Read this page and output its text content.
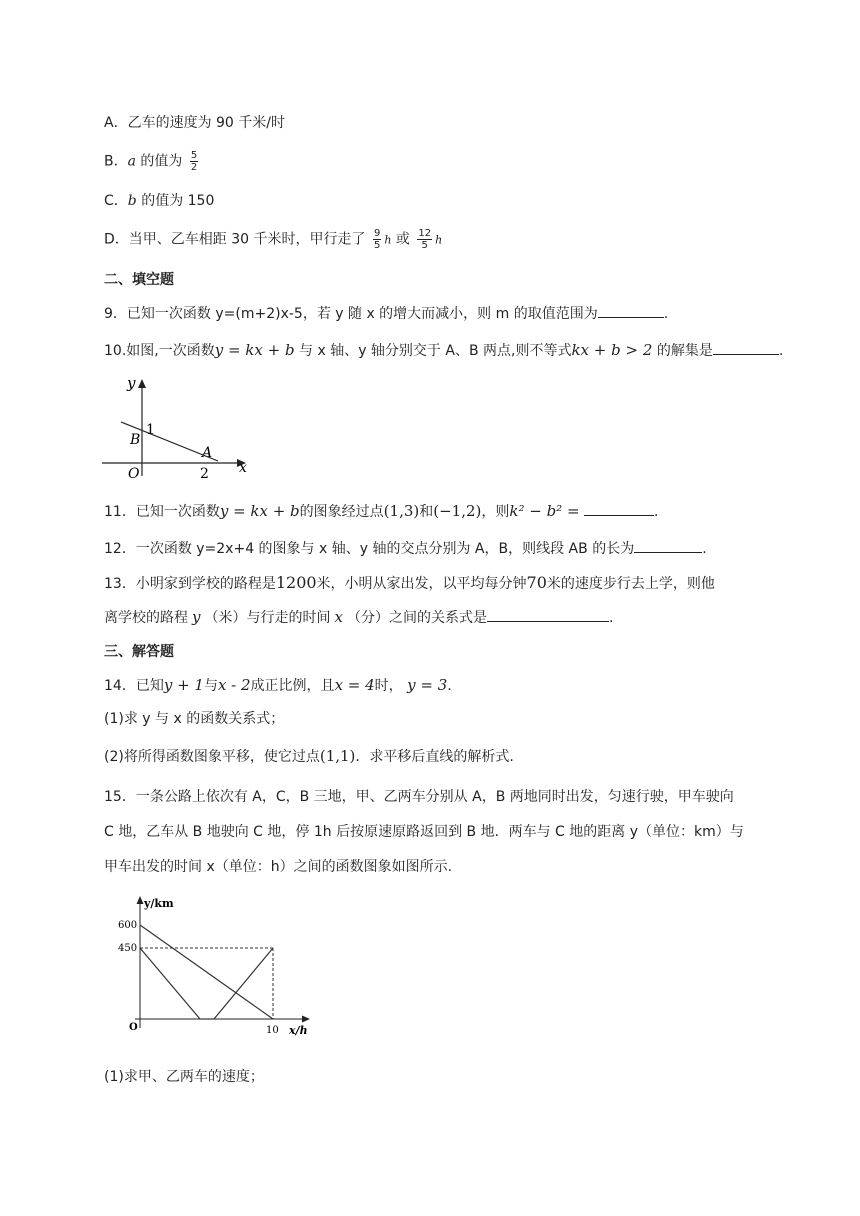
A．乙车的速度为 90 千米/时
B．a 的值为 $\frac{5}{2}$
C．b 的值为 150
D．当甲、乙车相距 30 千米时，甲行走了 $\frac{9}{5}$ h 或 $\frac{12}{5}$ h
二、填空题
9．已知一次函数 y=(m+2)x-5，若 y 随 x 的增大而减小，则 m 的取值范围为	.
10.如图,一次函数y = kx + b 与 x 轴、y 轴分别交于 A、B 两点,则不等式kx + b > 2 的解集是	.
y
x
1
B
O
A
2
11．已知一次函数y = kx + b的图象经过点(1,3)和(−1,2)，则k² − b² =	.
12．一次函数 y=2x+4 的图象与 x 轴、y 轴的交点分别为 A，B，则线段 AB 的长为	.
13．小明家到学校的路程是1200米，小明从家出发，以平均每分钟70米的速度步行去上学，则他
离学校的路程 y （米）与行走的时间 x （分）之间的关系式是	.
三、解答题
14．已知y + 1与x - 2成正比例，且x = 4时， y = 3.
(1)求 y 与 x 的函数关系式；
(2)将所得函数图象平移，使它过点(1,1)．求平移后直线的解析式.
15．一条公路上依次有 A，C，B 三地，甲、乙两车分别从 A，B 两地同时出发，匀速行驶，甲车驶向
C 地，乙车从 B 地驶向 C 地，停 1h 后按原速原路返回到 B 地．两车与 C 地的距离 y（单位：km）与
甲车出发的时间 x（单位：h）之间的函数图象如图所示.
y/km
x/h
600
450
O	10
(1)求甲、乙两车的速度；
